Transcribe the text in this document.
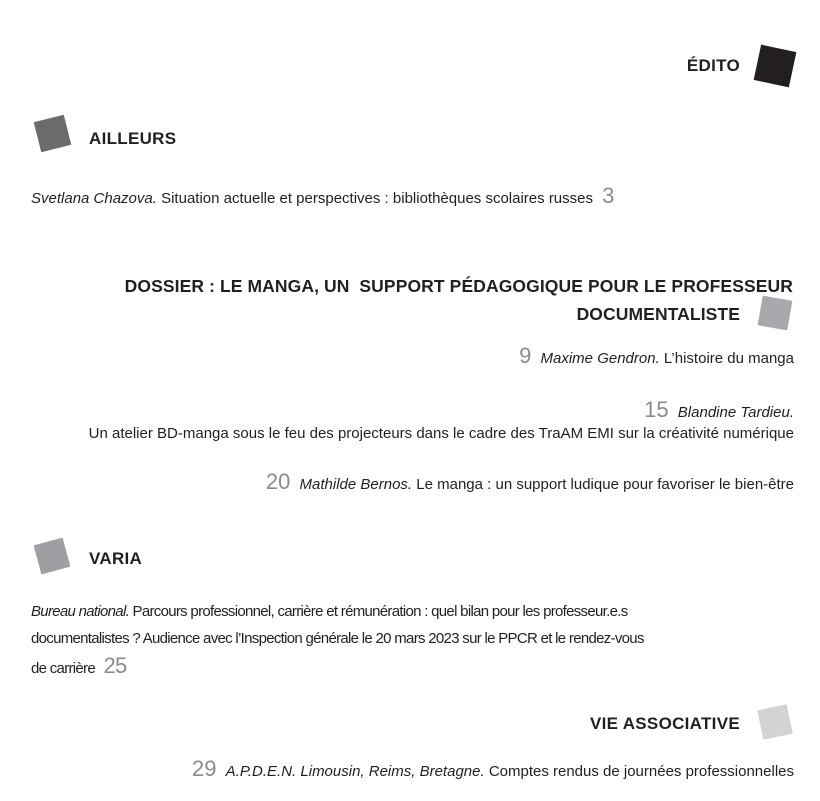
ÉDITO
AILLEURS
Svetlana Chazova. Situation actuelle et perspectives : bibliothèques scolaires russes 3
DOSSIER : LE MANGA, UN  SUPPORT PÉDAGOGIQUE POUR LE PROFESSEUR
DOCUMENTALISTE
9 Maxime Gendron. L’histoire du manga
15 Blandine Tardieu.
Un atelier BD-manga sous le feu des projecteurs dans le cadre des TraAM EMI sur la créativité numérique
20 Mathilde Bernos. Le manga : un support ludique pour favoriser le bien-être
VARIA
Bureau national. Parcours professionnel, carrière et rémunération : quel bilan pour les professeur.e.s
documentalistes ? Audience avec l’Inspection générale le 20 mars 2023 sur le PPCR et le rendez-vous
de carrière 25
VIE ASSOCIATIVE
29 A.P.D.E.N. Limousin, Reims, Bretagne. Comptes rendus de journées professionnelles
